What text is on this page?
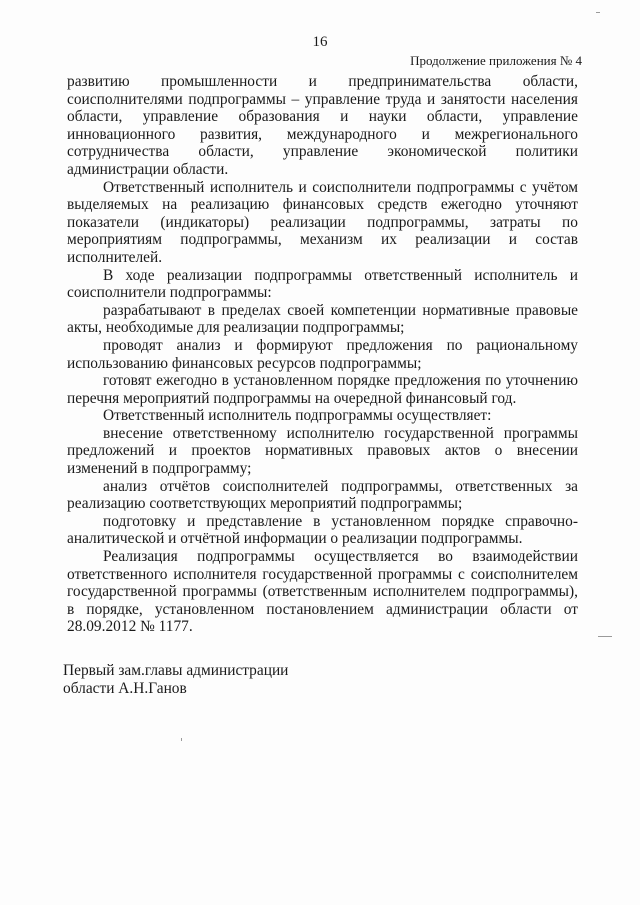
16
Продолжение приложения № 4

развитию промышленности и предпринимательства области, соисполнителями подпрограммы – управление труда и занятости населения области, управление образования и науки области, управление инновационного развития, международного и межрегионального сотрудничества области, управление экономической политики администрации области.

Ответственный исполнитель и соисполнители подпрограммы с учётом выделяемых на реализацию финансовых средств ежегодно уточняют показатели (индикаторы) реализации подпрограммы, затраты по мероприятиям подпрограммы, механизм их реализации и состав исполнителей.

В ходе реализации подпрограммы ответственный исполнитель и соисполнители подпрограммы:

разрабатывают в пределах своей компетенции нормативные правовые акты, необходимые для реализации подпрограммы;

проводят анализ и формируют предложения по рациональному использованию финансовых ресурсов подпрограммы;

готовят ежегодно в установленном порядке предложения по уточнению перечня мероприятий подпрограммы на очередной финансовый год.

Ответственный исполнитель подпрограммы осуществляет:

внесение ответственному исполнителю государственной программы предложений и проектов нормативных правовых актов о внесении изменений в подпрограмму;

анализ отчётов соисполнителей подпрограммы, ответственных за реализацию соответствующих мероприятий подпрограммы;

подготовку и представление в установленном порядке справочно-аналитической и отчётной информации о реализации подпрограммы.

Реализация подпрограммы осуществляется во взаимодействии ответственного исполнителя государственной программы с соисполнителем государственной программы (ответственным исполнителем подпрограммы), в порядке, установленном постановлением администрации области от 28.09.2012 № 1177.

Первый зам.главы администрации
области А.Н.Ганов
